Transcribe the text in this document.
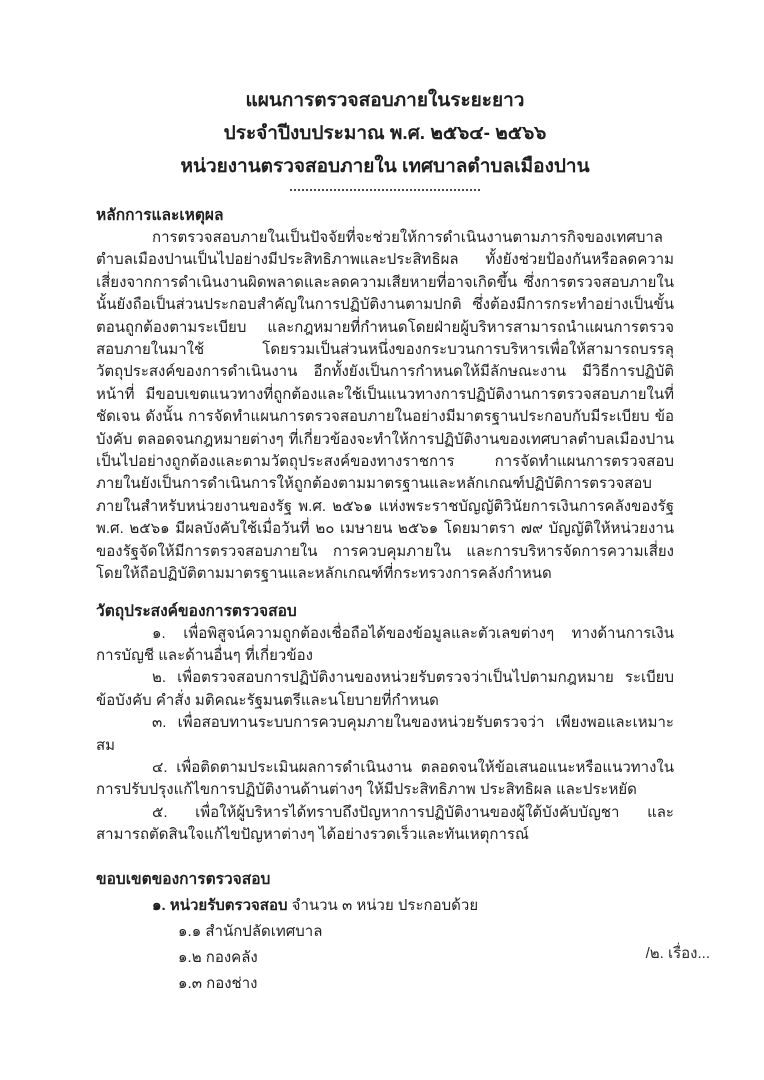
แผนการตรวจสอบภายในระยะยาว
ประจำปีงบประมาณ พ.ศ. ๒๕๖๔- ๒๕๖๖
หน่วยงานตรวจสอบภายใน เทศบาลตำบลเมืองปาน
หลักการและเหตุผล

การตรวจสอบภายในเป็นปัจจัยที่จะช่วยให้การดำเนินงานตามภารกิจของเทศบาลตำบลเมืองปานเป็นไปอย่างมีประสิทธิภาพและประสิทธิผล ทั้งยังช่วยป้องกันหรือลดความเสี่ยงจากการดำเนินงานผิดพลาดและลดความเสียหายที่อาจเกิดขึ้น ซึ่งการตรวจสอบภายในนั้นยังถือเป็นส่วนประกอบสำคัญในการปฏิบัติงานตามปกติ ซึ่งต้องมีการกระทำอย่างเป็นขั้นตอนถูกต้องตามระเบียบ และกฎหมายที่กำหนดโดยฝ่ายผู้บริหารสามารถนำแผนการตรวจสอบภายในมาใช้ โดยรวมเป็นส่วนหนึ่งของกระบวนการบริหารเพื่อให้สามารถบรรลุวัตถุประสงค์ของการดำเนินงาน อีกทั้งยังเป็นการกำหนดให้มีลักษณะงาน มีวิธีการปฏิบัติหน้าที่ มีขอบเขตแนวทางที่ถูกต้องและใช้เป็นแนวทางการปฏิบัติงานการตรวจสอบภายในที่ชัดเจน ดังนั้น การจัดทำแผนการตรวจสอบภายในอย่างมีมาตรฐานประกอบกับมีระเบียบ ข้อบังคับ ตลอดจนกฎหมายต่างๆ ที่เกี่ยวข้องจะทำให้การปฏิบัติงานของเทศบาลตำบลเมืองปาน เป็นไปอย่างถูกต้องและตามวัตถุประสงค์ของทางราชการ การจัดทำแผนการตรวจสอบภายในยังเป็นการดำเนินการให้ถูกต้องตามมาตรฐานและหลักเกณฑ์ปฏิบัติการตรวจสอบภายในสำหรับหน่วยงานของรัฐ พ.ศ. ๒๕๖๑ แห่งพระราชบัญญัติวินัยการเงินการคลังของรัฐ พ.ศ. ๒๕๖๑ มีผลบังคับใช้เมื่อวันที่ ๒๐ เมษายน ๒๕๖๑ โดยมาตรา ๗๙ บัญญัติให้หน่วยงานของรัฐจัดให้มีการตรวจสอบภายใน การควบคุมภายใน และการบริหารจัดการความเสี่ยง โดยให้ถือปฏิบัติตามมาตรฐานและหลักเกณฑ์ที่กระทรวงการคลังกำหนด

วัตถุประสงค์ของการตรวจสอบ

๑. เพื่อพิสูจน์ความถูกต้องเชื่อถือได้ของข้อมูลและตัวเลขต่างๆ ทางด้านการเงิน การบัญชี และด้านอื่นๆ ที่เกี่ยวข้อง

๒. เพื่อตรวจสอบการปฏิบัติงานของหน่วยรับตรวจว่าเป็นไปตามกฎหมาย ระเบียบ ข้อบังคับ คำสั่ง มติคณะรัฐมนตรีและนโยบายที่กำหนด

๓. เพื่อสอบทานระบบการควบคุมภายในของหน่วยรับตรวจว่า เพียงพอและเหมาะสม

๔. เพื่อติดตามประเมินผลการดำเนินงาน ตลอดจนให้ข้อเสนอแนะหรือแนวทางในการปรับปรุงแก้ไขการปฏิบัติงานด้านต่างๆ ให้มีประสิทธิภาพ ประสิทธิผล และประหยัด

๕. เพื่อให้ผู้บริหารได้ทราบถึงปัญหาการปฏิบัติงานของผู้ใต้บังคับบัญชา และสามารถตัดสินใจแก้ไขปัญหาต่างๆ ได้อย่างรวดเร็วและทันเหตุการณ์

ขอบเขตของการตรวจสอบ

๑. หน่วยรับตรวจสอบ จำนวน ๓ หน่วย ประกอบด้วย

๑.๑ สำนักปลัดเทศบาล

๑.๒ กองคลัง

๑.๓ กองช่าง

/๒. เรื่อง...
